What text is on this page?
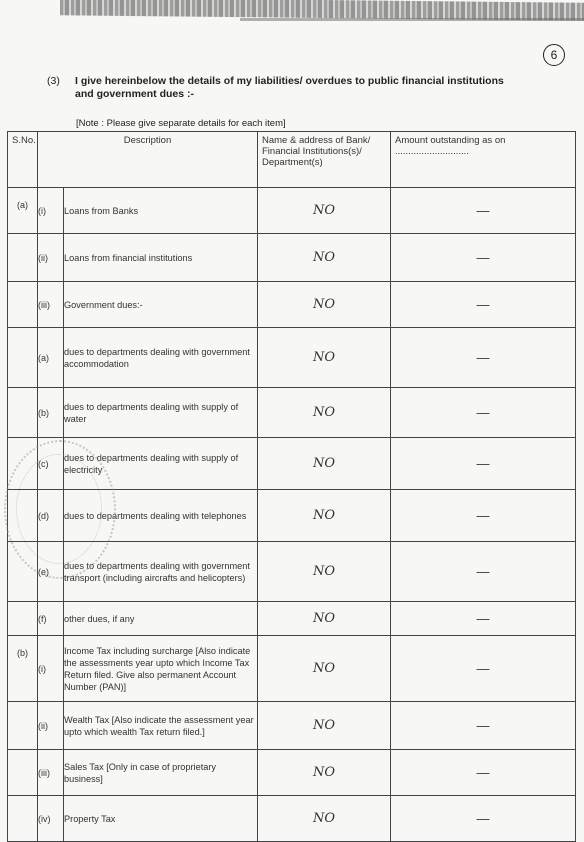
6
(3) I give hereinbelow the details of my liabilities/ overdues to public financial institutions and government dues :-
[Note : Please give separate details for each item]
S.No.	Description		Name & address of Bank/ Financial Institutions(s)/ Department(s)	Amount outstanding as on ............................
(a)	(i)	Loans from Banks	NO	—
	(ii)	Loans from financial institutions	NO	—
	(iii)	Government dues:-	NO	—
	(a)	dues to departments dealing with government accommodation	NO	—
	(b)	dues to departments dealing with supply of water	NO	—
	(c)	dues to departments dealing with supply of electricity	NO	—
	(d)	dues to departments dealing with telephones	NO	—
	(e)	dues to departments dealing with government transport (including aircrafts and helicopters)	NO	—
	(f)	other dues, if any	NO	—
(b)	(i)	Income Tax including surcharge [Also indicate the assessments year upto which Income Tax Return filed. Give also permanent Account Number (PAN)]	NO	—
	(ii)	Wealth Tax [Also indicate the assessment year upto which wealth Tax return filed.]	NO	—
	(iii)	Sales Tax [Only in case of proprietary business]	NO	—
	(iv)	Property Tax	NO	—
